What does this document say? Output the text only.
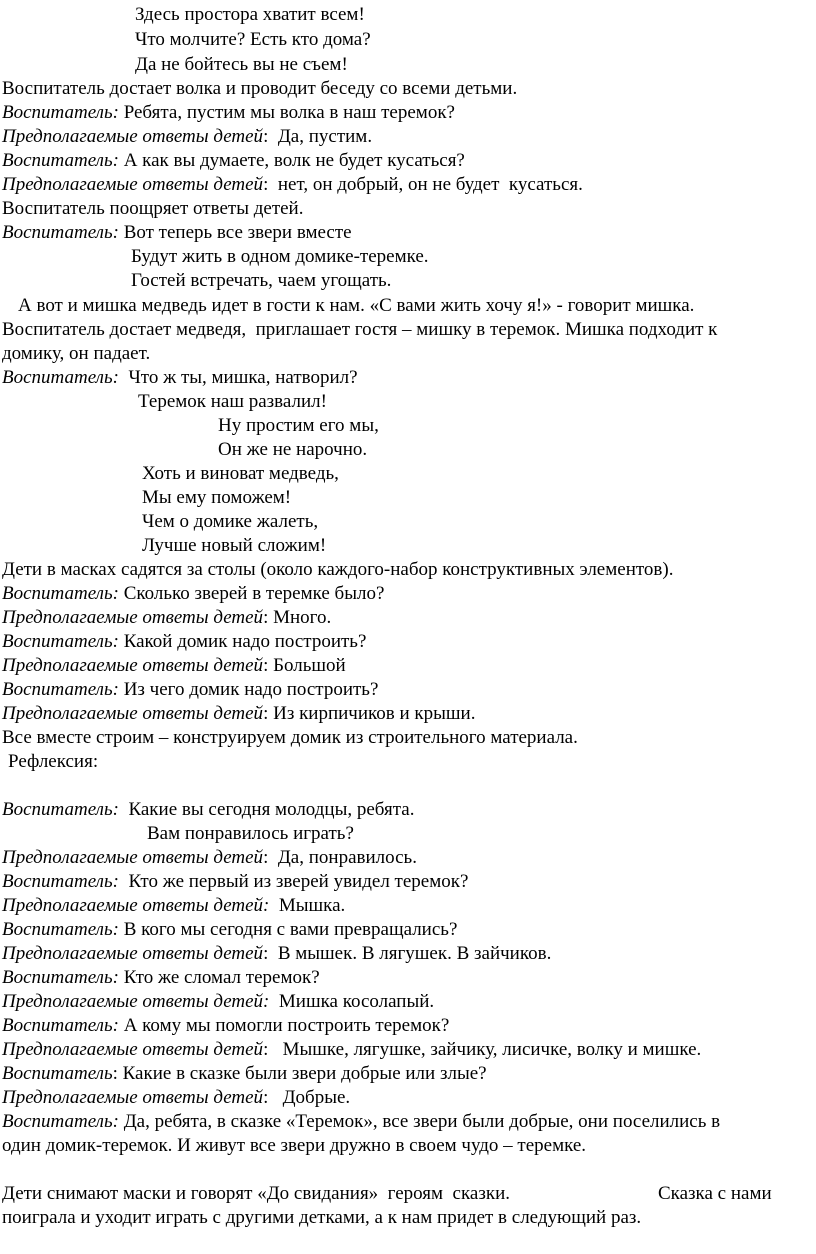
Здесь простора хватит всем!
Что молчите? Есть кто дома?
Да не бойтесь вы не съем!
Воспитатель достает волка и проводит беседу со всеми детьми.
Воспитатель: Ребята, пустим мы волка в наш теремок?
Предполагаемые ответы детей:  Да, пустим.
Воспитатель: А как вы думаете, волк не будет кусаться?
Предполагаемые ответы детей:  нет, он добрый, он не будет  кусаться.
Воспитатель поощряет ответы детей.
Воспитатель: Вот теперь все звери вместе
Будут жить в одном домике-теремке.
Гостей встречать, чаем угощать.
А вот и мишка медведь идет в гости к нам. «С вами жить хочу я!» - говорит мишка.
Воспитатель достает медведя,  приглашает гостя – мишку в теремок. Мишка подходит к
домику, он падает.
Воспитатель:  Что ж ты, мишка, натворил?
Теремок наш развалил!
Ну простим его мы,
Он же не нарочно.
Хоть и виноват медведь,
Мы ему поможем!
Чем о домике жалеть,
Лучше новый сложим!
Дети в масках садятся за столы (около каждого-набор конструктивных элементов).
Воспитатель: Сколько зверей в теремке было?
Предполагаемые ответы детей: Много.
Воспитатель: Какой домик надо построить?
Предполагаемые ответы детей: Большой
Воспитатель: Из чего домик надо построить?
Предполагаемые ответы детей: Из кирпичиков и крыши.
Все вместе строим – конструируем домик из строительного материала.
Рефлексия:
Воспитатель:  Какие вы сегодня молодцы, ребята.
Вам понравилось играть?
Предполагаемые ответы детей:  Да, понравилось.
Воспитатель:  Кто же первый из зверей увидел теремок?
Предполагаемые ответы детей:  Мышка.
Воспитатель: В кого мы сегодня с вами превращались?
Предполагаемые ответы детей:  В мышек. В лягушек. В зайчиков.
Воспитатель: Кто же сломал теремок?
Предполагаемые ответы детей:  Мишка косолапый.
Воспитатель: А кому мы помогли построить теремок?
Предполагаемые ответы детей:   Мышке, лягушке, зайчику, лисичке, волку и мишке.
Воспитатель: Какие в сказке были звери добрые или злые?
Предполагаемые ответы детей:   Добрые.
Воспитатель: Да, ребята, в сказке «Теремок», все звери были добрые, они поселились в
один домик-теремок. И живут все звери дружно в своем чудо – теремке.
Дети снимают маски и говорят «До свидания»  героям  сказки.	Сказка с нами
поиграла и уходит играть с другими детками, а к нам придет в следующий раз.
